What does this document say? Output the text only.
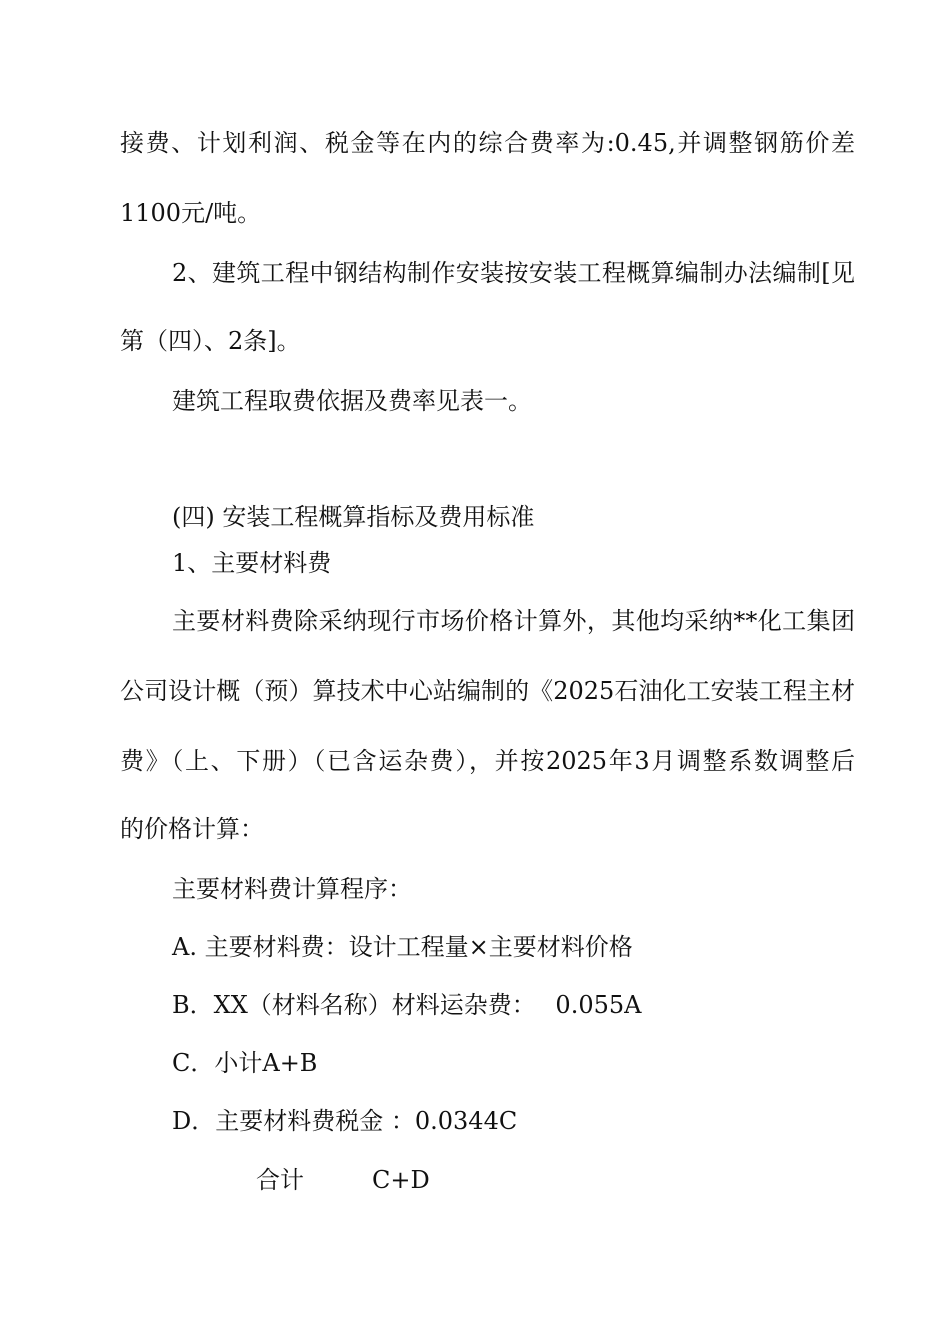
接费、计划利润、税金等在内的综合费率为:0.45,并调整钢筋价差
1100元/吨。
2、建筑工程中钢结构制作安装按安装工程概算编制办法编制[见
第（四）、2条]。
建筑工程取费依据及费率见表一。
(四) 安装工程概算指标及费用标准
1、主要材料费
主要材料费除采纳现行市场价格计算外，其他均采纳**化工集团
公司设计概（预）算技术中心站编制的《2025石油化工安装工程主材
费》（上、下册）（已含运杂费），并按2025年3月调整系数调整后
的价格计算：
主要材料费计算程序：
A. 主要材料费：设计工程量×主要材料价格
B．XX（材料名称）材料运杂费：　 0.055A
C．小计A+B
D．主要材料费税金 ：0.0344C
合计	C+D
